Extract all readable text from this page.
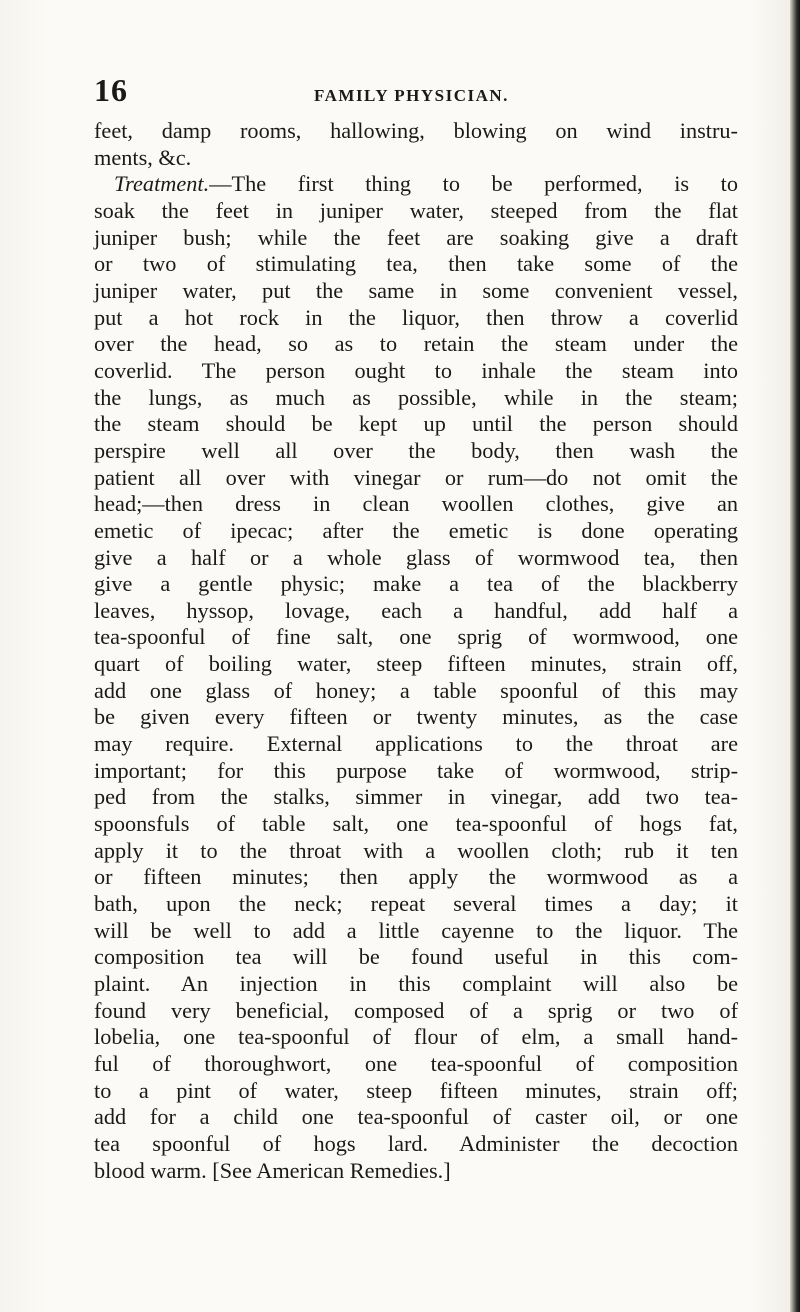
16	FAMILY PHYSICIAN.
feet, damp rooms, hallowing, blowing on wind instru-
ments, &c.
Treatment.—The first thing to be performed, is to
soak the feet in juniper water, steeped from the flat
juniper bush; while the feet are soaking give a draft
or two of stimulating tea, then take some of the
juniper water, put the same in some convenient vessel,
put a hot rock in the liquor, then throw a coverlid
over the head, so as to retain the steam under the
coverlid. The person ought to inhale the steam into
the lungs, as much as possible, while in the steam;
the steam should be kept up until the person should
perspire well all over the body, then wash the
patient all over with vinegar or rum—do not omit the
head;—then dress in clean woollen clothes, give an
emetic of ipecac; after the emetic is done operating
give a half or a whole glass of wormwood tea, then
give a gentle physic; make a tea of the blackberry
leaves, hyssop, lovage, each a handful, add half a
tea-spoonful of fine salt, one sprig of wormwood, one
quart of boiling water, steep fifteen minutes, strain off,
add one glass of honey; a table spoonful of this may
be given every fifteen or twenty minutes, as the case
may require. External applications to the throat are
important; for this purpose take of wormwood, strip-
ped from the stalks, simmer in vinegar, add two tea-
spoonsfuls of table salt, one tea-spoonful of hogs fat,
apply it to the throat with a woollen cloth; rub it ten
or fifteen minutes; then apply the wormwood as a
bath, upon the neck; repeat several times a day; it
will be well to add a little cayenne to the liquor. The
composition tea will be found useful in this com-
plaint. An injection in this complaint will also be
found very beneficial, composed of a sprig or two of
lobelia, one tea-spoonful of flour of elm, a small hand-
ful of thoroughwort, one tea-spoonful of composition
to a pint of water, steep fifteen minutes, strain off;
add for a child one tea-spoonful of caster oil, or one
tea spoonful of hogs lard. Administer the decoction
blood warm. [See American Remedies.]
